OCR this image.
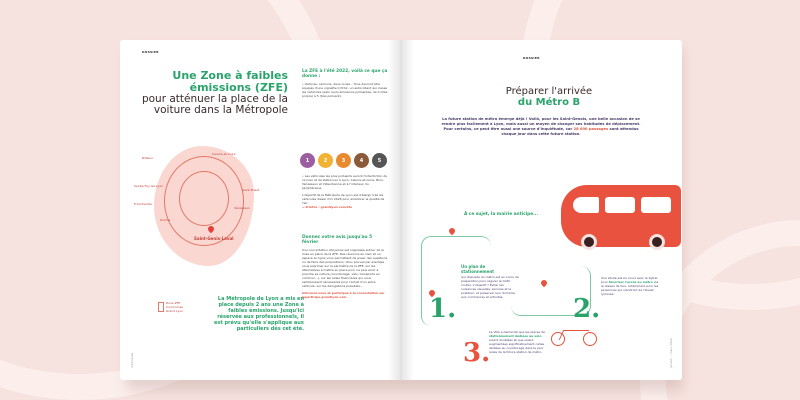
DOSSIER
Une Zone à faibles émissions (ZFE)
pour atténuer la place de la voiture dans la Métropole
Rillieux
Caluire-et-Cuire
Sainte-Foy-les-Lyon
Francheville
Oullins
Vénissieux
Saint-Priest
Saint-Genis-Laval
Zone ZFE
Communes
Grand Lyon
La Métropole de Lyon a mis en place depuis 2 ans une Zone à faibles émissions. Jusqu'ici réservée aux professionnels, il est prévu qu'elle s'applique aux particuliers dès cet été.
La ZFE à l'été 2022, voilà ce que ça donne :
• Voitures, camions, deux-roues... Tous devront être équipés d'une vignette Crit'Air, un autocollant qui classe les véhicules selon leurs émissions polluantes, de 0 (très propre) à 5 (très polluant).
1	2	3	4	5
• Les véhicules les plus polluants auront l'interdiction de circuler et de stationner à Lyon, Caluire-et-Cuire, Bron, Vénissieux et Villeurbanne et à l'intérieur du périphérique.
L'objectif de la Métropole de Lyon est d'élargir très les véhicules diesel d'ici 2026 pour améliorer la qualité de l'air.
→ D'infos : grandlyon.com/zfe
Donnez votre avis jusqu'au 5 février
Une concertation citoyenne est organisée autour de la mise en place de la ZFE. Des réunions en visio et un espace en ligne vous permettent de poser des questions ou de faire des propositions. Vous pouvez par exemple vous exprimer sur le périmètre de la ZFE, sur les alternatives à mettre en place pour ne plus avoir à prendre sa voiture (covoiturage, vélo, transports en commun...), sur les aides financières qui vous sembleraient nécessaires pour l'achat d'un autre véhicule, sur les dérogations possibles...
Informez-vous et participez à la concertation sur jeparticipe.grandlyon.com
métropole
DOSSIER
Préparer l'arrivée
du Métro B
La future station de métro émerge déjà ! Voilà, pour les Saint-Genois, une belle occasion de se rendre plus facilement à Lyon, mais aussi un moyen de changer ses habitudes de déplacement. Pour certains, ce peut être aussi une source d'inquiétude, car 28 000 passages sont attendus chaque jour dans cette future station.
À ce sujet, la mairie anticipe...
1.
Un plan de stationnement
qui dissuade du métro est en cours de préparation pour réguler le trafic routier. L'objectif ? Éviter les nuisances visuelles, sonores et la pollution, et préserver leur domicile, aux commerces et activités.	2.
Une étude est en cours avec le Sytral pour favoriser l'accès au métro via le réseau de bus, notamment pour les personnes qui viendront de l'Ouest lyonnais.
3.
La Ville a demandé que les places de stationnement dédiées au vélo soient doublées et que soient augmentées significativement celles dédiées au covoiturage dans le parc relais de la future station de métro.	janvier – mars 2022
